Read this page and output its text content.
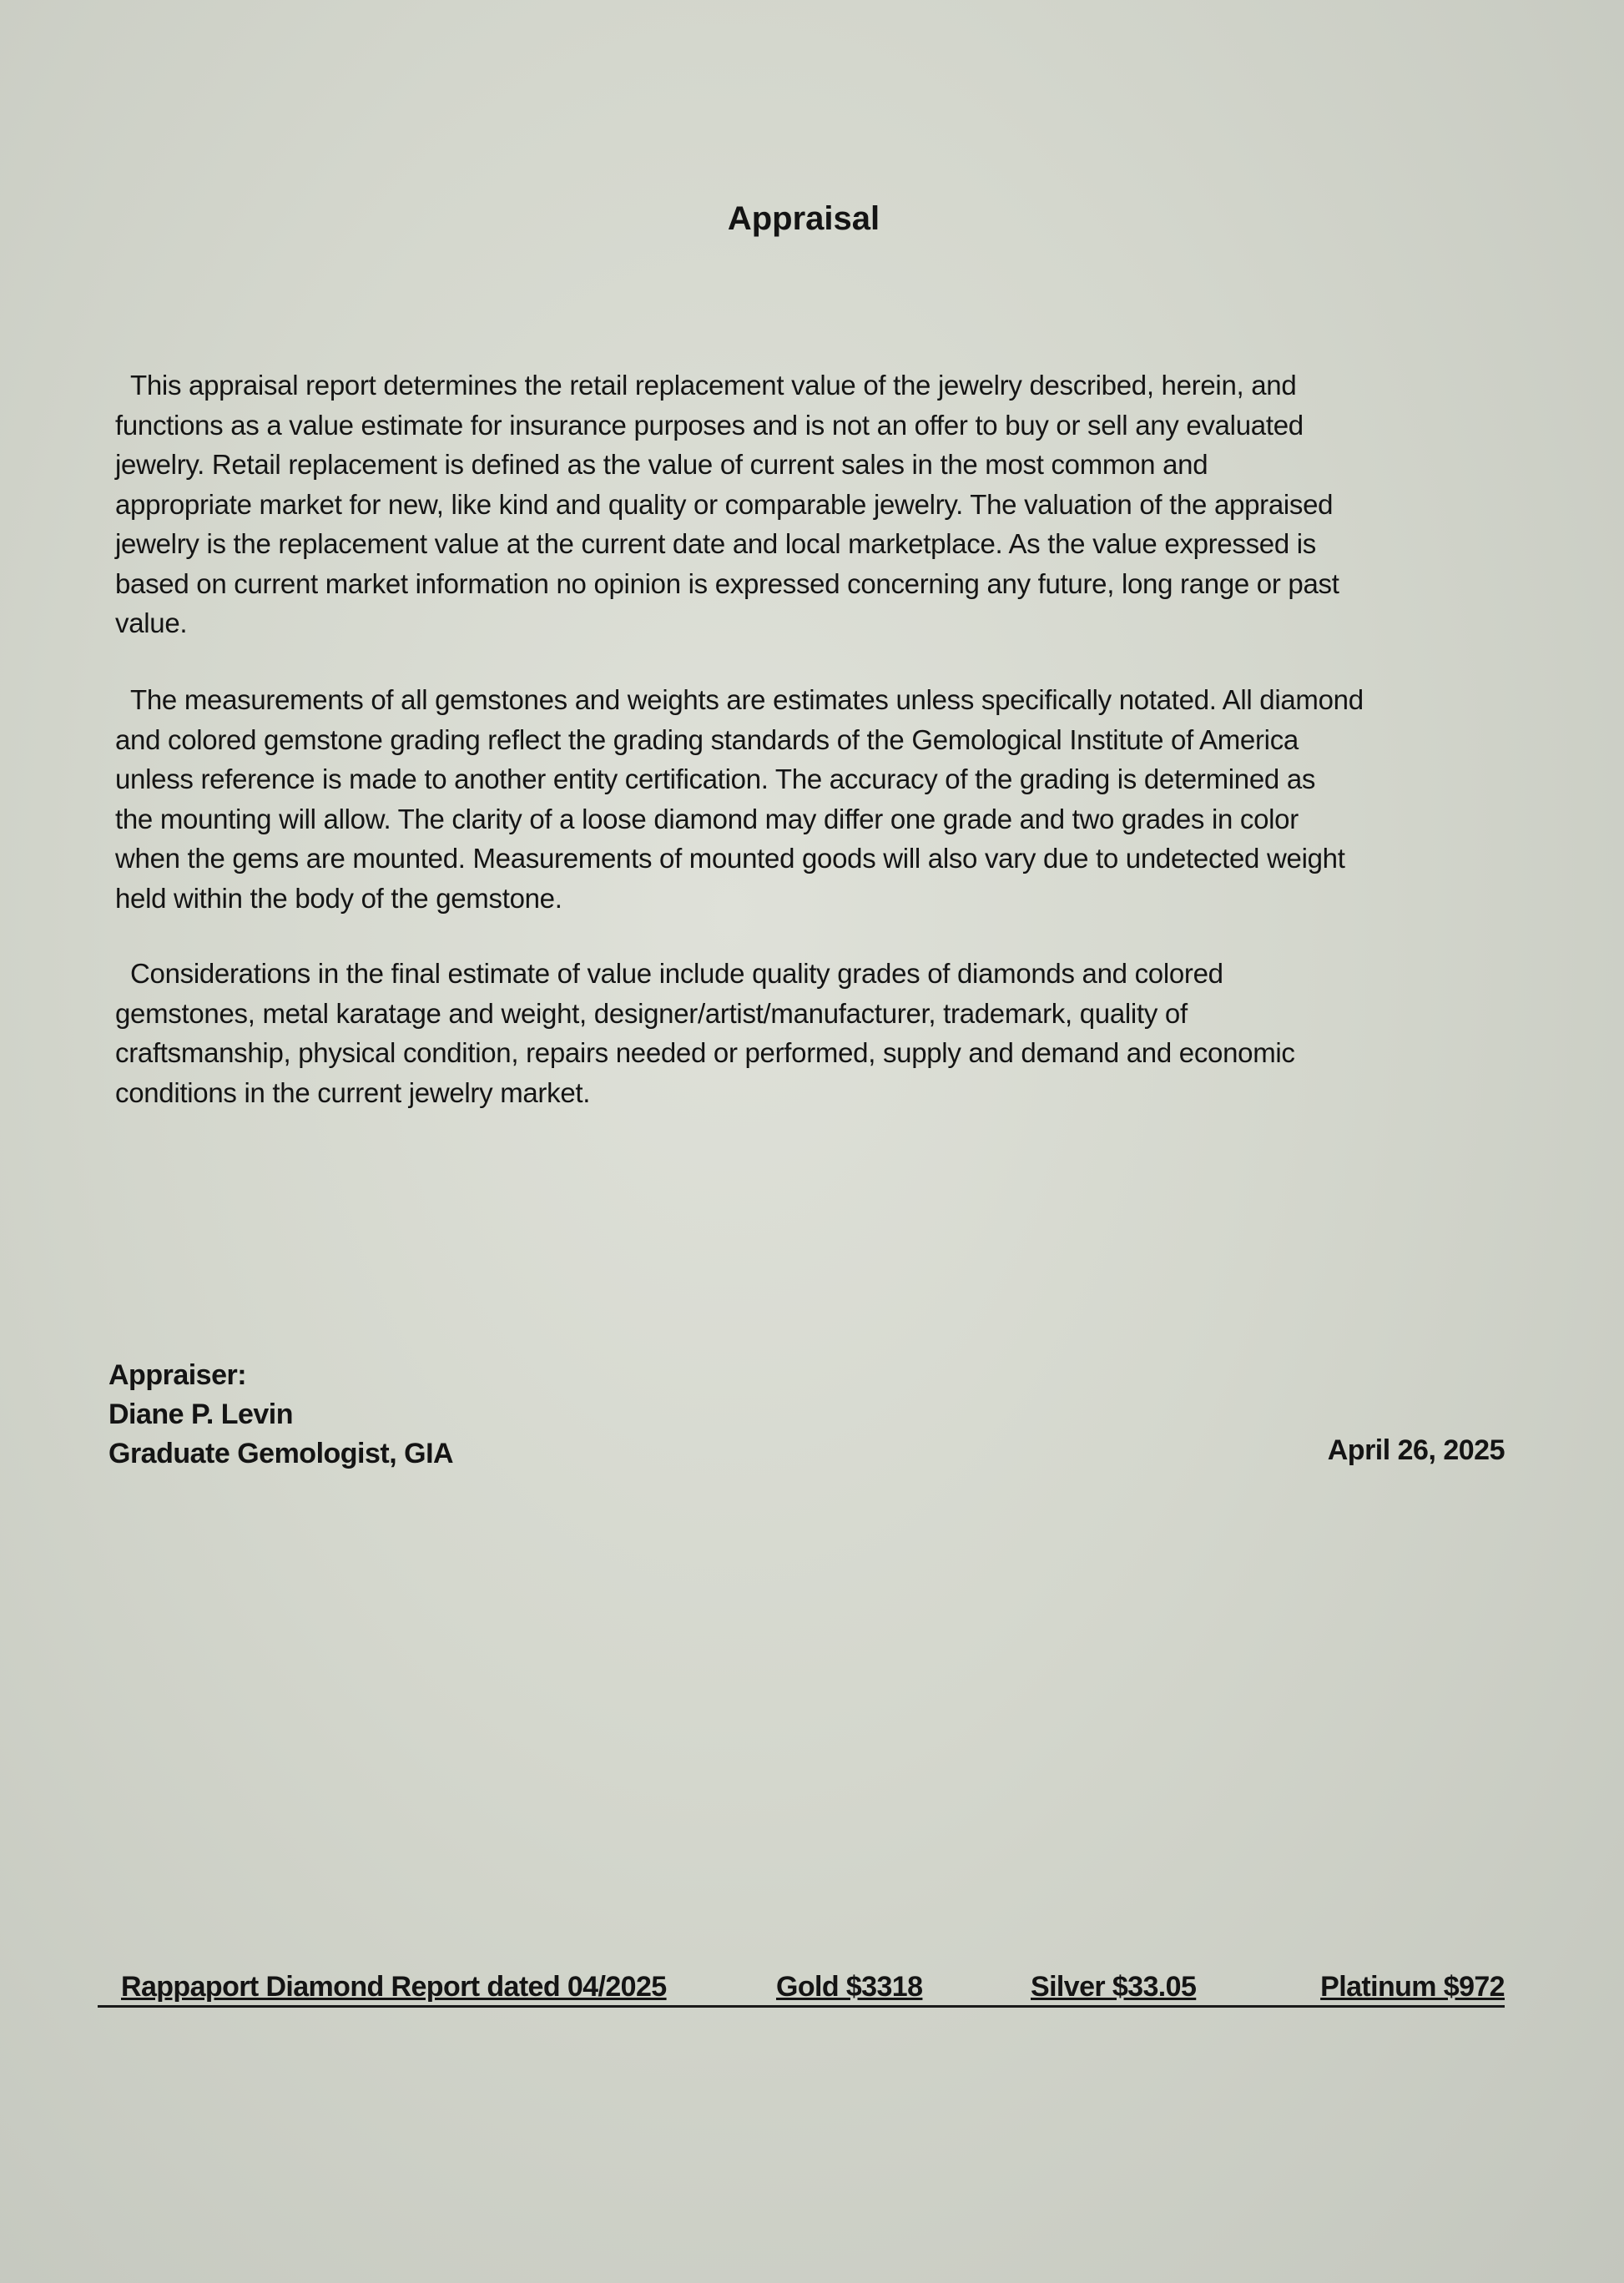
Appraisal
This appraisal report determines the retail replacement value of the jewelry described, herein, and
functions as a value estimate for insurance purposes and is not an offer to buy or sell any evaluated
jewelry. Retail replacement is defined as the value of current sales in the most common and
appropriate market for new, like kind and quality or comparable jewelry. The valuation of the appraised
jewelry is the replacement value at the current date and local marketplace. As the value expressed is
based on current market information no opinion is expressed concerning any future, long range or past
value.
The measurements of all gemstones and weights are estimates unless specifically notated. All diamond
and colored gemstone grading reflect the grading standards of the Gemological Institute of America
unless reference is made to another entity certification. The accuracy of the grading is determined as
the mounting will allow. The clarity of a loose diamond may differ one grade and two grades in color
when the gems are mounted. Measurements of mounted goods will also vary due to undetected weight
held within the body of the gemstone.
Considerations in the final estimate of value include quality grades of diamonds and colored
gemstones, metal karatage and weight, designer/artist/manufacturer, trademark, quality of
craftsmanship, physical condition, repairs needed or performed, supply and demand and economic
conditions in the current jewelry market.
Appraiser:
Diane P. Levin
Graduate Gemologist, GIA	April 26, 2025
Rappaport Diamond Report dated 04/2025	Gold $3318	Silver $33.05	Platinum $972
